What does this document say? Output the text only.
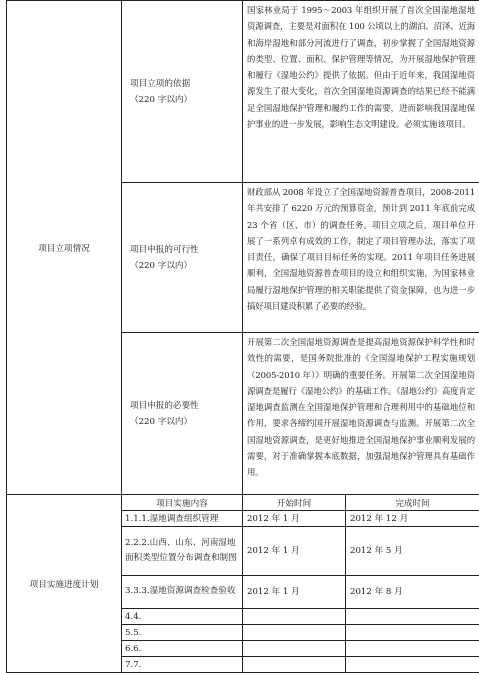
项目立项情况	项目立项的依据
（220 字以内）	国家林业局于 1995～2003 年组织开展了首次全国湿地湿地资源调查，主要是对面积在 100 公顷以上的湖泊、沼泽、近海和海岸湿地和部分河流进行了调查，初步掌握了全国湿地资源的类型、位置、面积、保护管理等情况，为开展湿地保护管理和履行《湿地公约》提供了依据。但由于近年来，我国湿地资源发生了很大变化，首次全国湿地资源调查的结果已经不能满足全国湿地保护管理和履约工作的需要，进而影响我国湿地保护事业的进一步发展，影响生态文明建设。必须实施该项目。	

	项目申报的可行性
（220 字以内）	财政部从 2008 年设立了全国湿地资源普查项目，2008-2011 年共安排了 6220 万元的预算资金，预计到 2011 年底前完成 23 个省（区、市）的调查任务。项目立项之后，项目单位开展了一系列卓有成效的工作，制定了项目管理办法，落实了项目责任，确保了项目目标任务的实现。2011 年项目任务进展顺利，全国湿地资源普查项目的设立和组织实施，为国家林业局履行湿地保护管理的相关职能提供了资金保障，也为进一步搞好项目建设积累了必要的经验。	

	项目申报的必要性
（220 字以内）	开展第二次全国湿地资源调查是提高湿地资源保护科学性和时效性的需要，是国务院批准的《全国湿地保护工程实施规划（2005-2010 年）》明确的重要任务。开展第二次全国湿地资源调查是履行《湿地公约》的基础工作。《湿地公约》高度肯定湿地调查监测在全国湿地保护管理和合理利用中的基础地位和作用，要求各缔约国开展湿地资源调查与监测。开展第二次全国湿地资源调查，是更好地推进全国湿地保护事业顺利发展的需要，对于准确掌握本底数据，加强湿地保护管理具有基础作用。	
项目实施进度计划	项目实施内容	开始时间	完成时间
	1.1.1.湿地调查组织管理	2012 年 1 月	2012 年 12 月
	2.2.2.山西、山东、河南湿地面积类型位置分布调查和制图	2012 年 1 月	2012 年 5 月
	3.3.3.湿地资源调查检查验收	2012 年 1 月	2012 年 8 月
	4.4.		
	5.5.		
	6.6.		
	7.7.		
